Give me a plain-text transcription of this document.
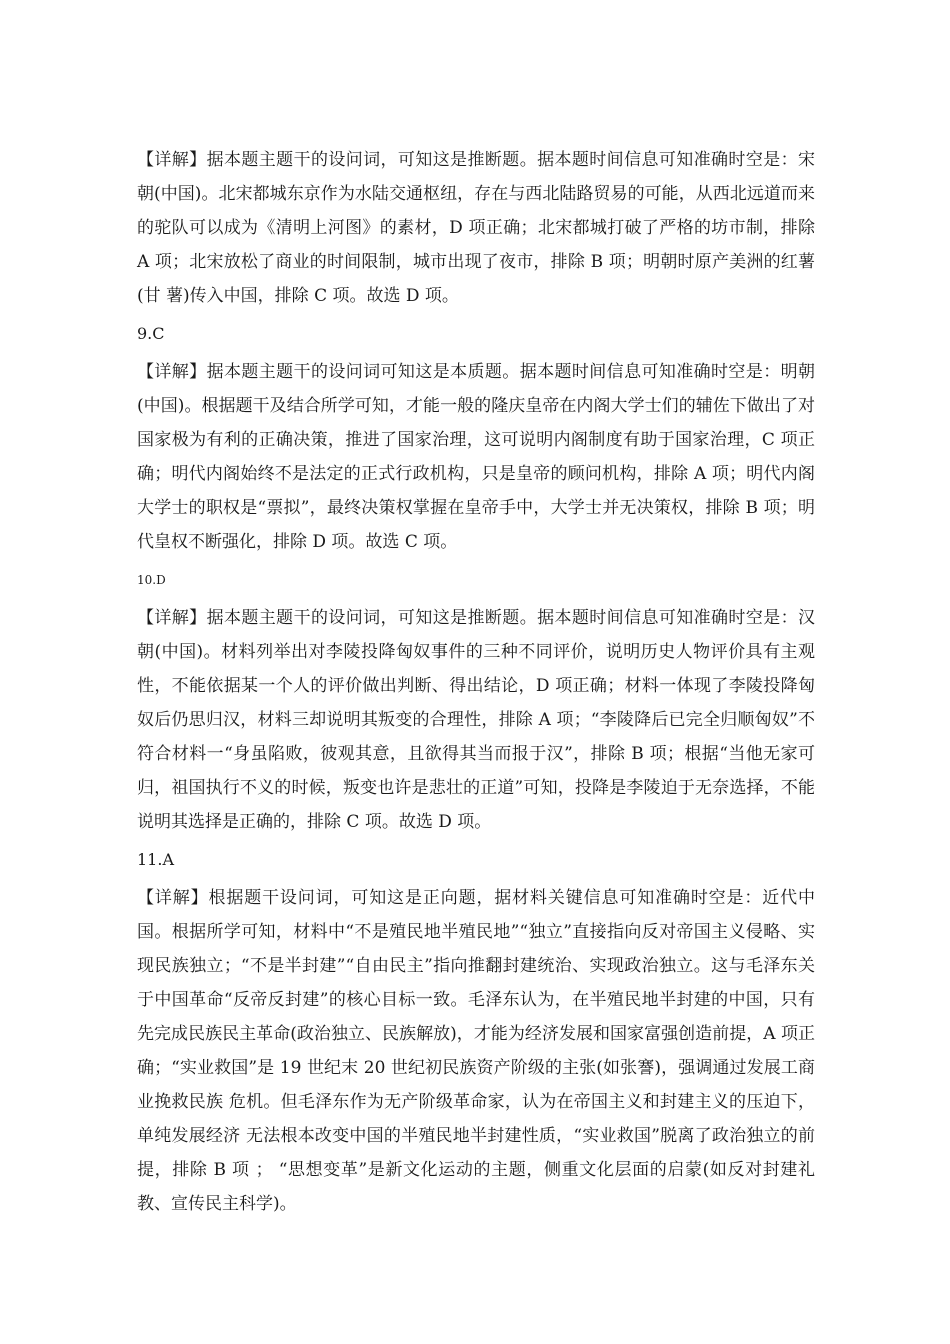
【详解】据本题主题干的设问词，可知这是推断题。据本题时间信息可知准确时空是：宋朝(中国)。北宋都城东京作为水陆交通枢纽，存在与西北陆路贸易的可能，从西北远道而来的驼队可以成为《清明上河图》的素材，D 项正确；北宋都城打破了严格的坊市制，排除 A 项；北宋放松了商业的时间限制，城市出现了夜市，排除 B 项；明朝时原产美洲的红薯(甘 薯)传入中国，排除 C 项。故选 D 项。

9.C

【详解】据本题主题干的设问词可知这是本质题。据本题时间信息可知准确时空是：明朝(中国)。根据题干及结合所学可知，才能一般的隆庆皇帝在内阁大学士们的辅佐下做出了对国家极为有利的正确决策，推进了国家治理，这可说明内阁制度有助于国家治理，C 项正确；明代内阁始终不是法定的正式行政机构，只是皇帝的顾问机构，排除 A 项；明代内阁大学士的职权是“票拟”，最终决策权掌握在皇帝手中，大学士并无决策权，排除 B 项；明代皇权不断强化，排除 D 项。故选 C 项。

10.D

【详解】据本题主题干的设问词，可知这是推断题。据本题时间信息可知准确时空是：汉朝(中国)。材料列举出对李陵投降匈奴事件的三种不同评价，说明历史人物评价具有主观性，不能依据某一个人的评价做出判断、得出结论，D 项正确；材料一体现了李陵投降匈奴后仍思归汉，材料三却说明其叛变的合理性，排除 A 项；“李陵降后已完全归顺匈奴”不符合材料一“身虽陷败，彼观其意，且欲得其当而报于汉”，排除 B 项；根据“当他无家可归，祖国执行不义的时候，叛变也许是悲壮的正道”可知，投降是李陵迫于无奈选择，不能说明其选择是正确的，排除 C 项。故选 D 项。

11.A

【详解】根据题干设问词，可知这是正向题，据材料关键信息可知准确时空是：近代中国。根据所学可知，材料中“不是殖民地半殖民地”“独立”直接指向反对帝国主义侵略、实现民族独立；“不是半封建”“自由民主”指向推翻封建统治、实现政治独立。这与毛泽东关于中国革命“反帝反封建”的核心目标一致。毛泽东认为，在半殖民地半封建的中国，只有先完成民族民主革命(政治独立、民族解放)，才能为经济发展和国家富强创造前提，A 项正确；“实业救国”是 19 世纪末 20 世纪初民族资产阶级的主张(如张謇)，强调通过发展工商业挽救民族 危机。但毛泽东作为无产阶级革命家，认为在帝国主义和封建主义的压迫下，单纯发展经济 无法根本改变中国的半殖民地半封建性质，“实业救国”脱离了政治独立的前提，排除 B 项 ； “思想变革”是新文化运动的主题，侧重文化层面的启蒙(如反对封建礼教、宣传民主科学)。
